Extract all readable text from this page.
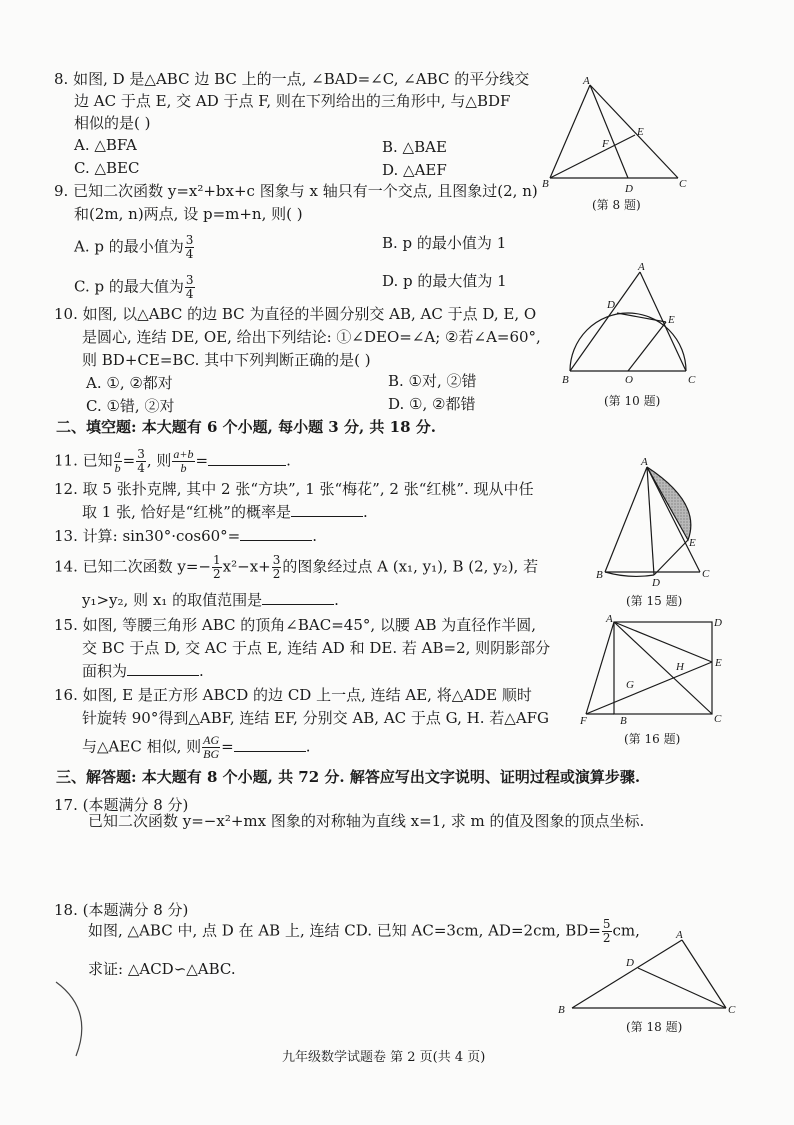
8. 如图, D 是△ABC 边 BC 上的一点, ∠BAD=∠C, ∠ABC 的平分线交
边 AC 于点 E, 交 AD 于点 F, 则在下列给出的三角形中, 与△BDF
相似的是( )
A. △BFA	B. △BAE
C. △BEC	D. △AEF
A
B	C
D
E
F
(第 8 题)
9. 已知二次函数 y=x²+bx+c 图象与 x 轴只有一个交点, 且图象过(2, n)
和(2m, n)两点, 设 p=m+n, 则( )
A. p 的最小值为 $\frac{3}{4}$	B. p 的最小值为 1
C. p 的最大值为 $\frac{3}{4}$	D. p 的最大值为 1
A
B	C
D
E
O
(第 10 题)
10. 如图, 以△ABC 的边 BC 为直径的半圆分别交 AB, AC 于点 D, E, O
是圆心, 连结 DE, OE, 给出下列结论: ①∠DEO=∠A; ②若∠A=60°,
则 BD+CE=BC. 其中下列判断正确的是( )
A. ①, ②都对	B. ①对, ②错
C. ①错, ②对	D. ①, ②都错
二、填空题: 本大题有 6 个小题, 每小题 3 分, 共 18 分.
11. 已知 $\frac{a}{b} = \frac{3}{4}$ , 则 $\frac{a+b}{b}$ =	.
12. 取 5 张扑克牌, 其中 2 张“方块”, 1 张“梅花”, 2 张“红桃”. 现从中任
取 1 张, 恰好是“红桃”的概率是	.
13. 计算: sin30°·cos60°=	.
14. 已知二次函数 $y=- \frac{1}{2} x^2-x+ \frac{3}{2}$ 的图象经过点 A (x₁, y₁), B (2, y₂), 若
y₁>y₂, 则 x₁ 的取值范围是	.
A
B	C
D
E
(第 15 题)
15. 如图, 等腰三角形 ABC 的顶角∠BAC=45°, 以腰 AB 为直径作半圆,
交 BC 于点 D, 交 AC 于点 E, 连结 AD 和 DE. 若 AB=2, 则阴影部分
面积为	.
A
B	C
D
E
F
G
H
(第 16 题)
16. 如图, E 是正方形 ABCD 的边 CD 上一点, 连结 AE, 将△ADE 顺时
针旋转 90°得到△ABF, 连结 EF, 分别交 AB, AC 于点 G, H. 若△AFG
与△AEC 相似, 则 $\frac{AG}{BG}$ =	.
三、解答题: 本大题有 8 个小题, 共 72 分. 解答应写出文字说明、证明过程或演算步骤.
17. (本题满分 8 分)
已知二次函数 y=−x²+mx 图象的对称轴为直线 x=1, 求 m 的值及图象的顶点坐标.
18. (本题满分 8 分)
如图, △ABC 中, 点 D 在 AB 上, 连结 CD. 已知 AC=3cm, AD=2cm, $BD= \frac{5}{2}$ cm,
求证: △ACD∽△ABC.
A
B	C
D
(第 18 题)
九年级数学试题卷 第 2 页(共 4 页)
